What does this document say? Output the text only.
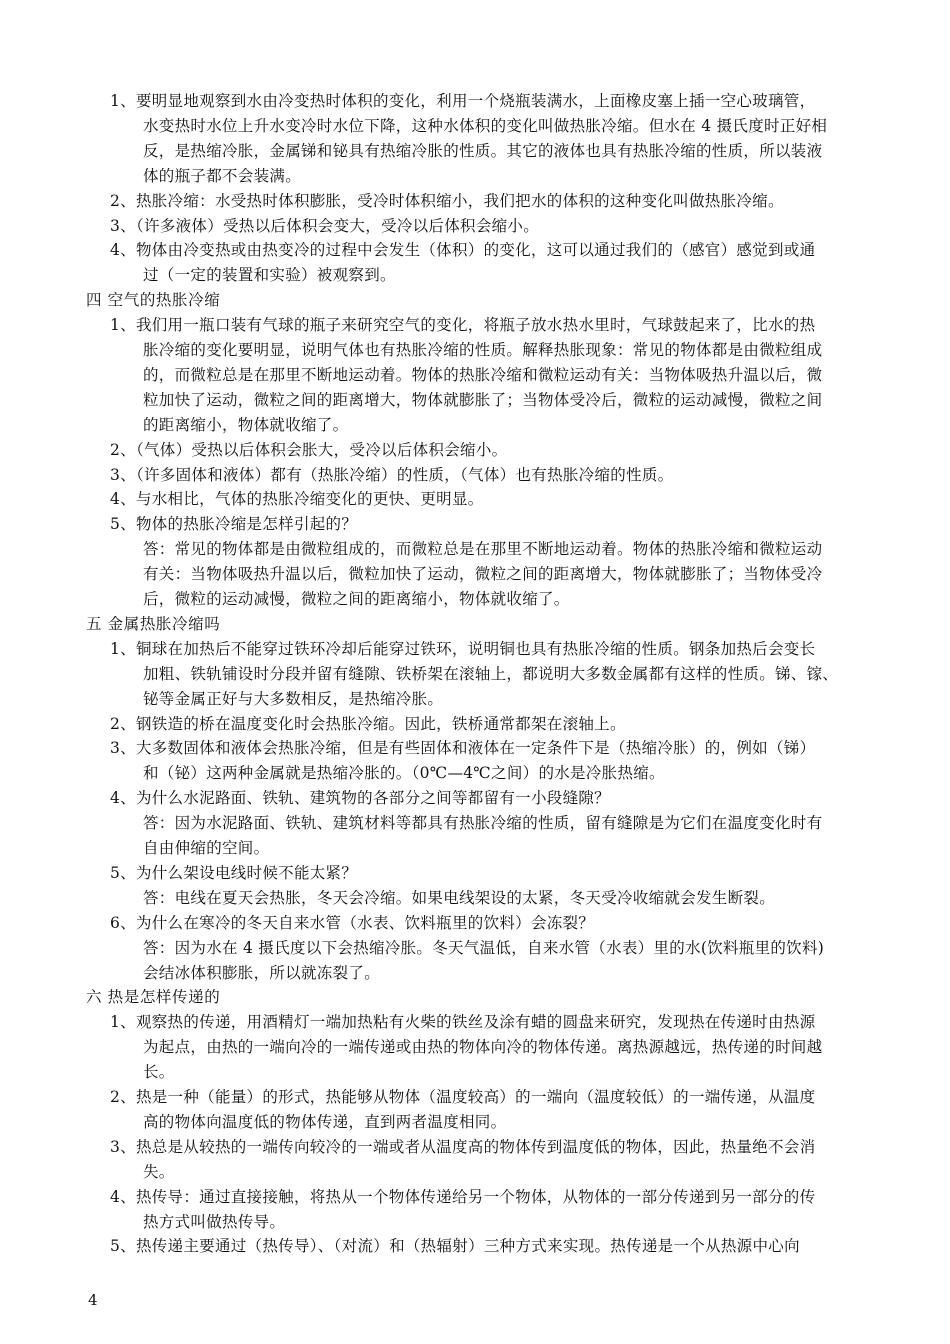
1、要明显地观察到水由冷变热时体积的变化，利用一个烧瓶装满水，上面橡皮塞上插一空心玻璃管，
水变热时水位上升水变冷时水位下降，这种水体积的变化叫做热胀冷缩。但水在 4 摄氏度时正好相
反，是热缩冷胀，金属锑和铋具有热缩冷胀的性质。其它的液体也具有热胀冷缩的性质，所以装液
体的瓶子都不会装满。
2、热胀冷缩：水受热时体积膨胀，受冷时体积缩小，我们把水的体积的这种变化叫做热胀冷缩。
3、（许多液体）受热以后体积会变大，受冷以后体积会缩小。
4、物体由冷变热或由热变冷的过程中会发生（体积）的变化，这可以通过我们的（感官）感觉到或通
过（一定的装置和实验）被观察到。
四 空气的热胀冷缩
1、我们用一瓶口装有气球的瓶子来研究空气的变化，将瓶子放水热水里时，气球鼓起来了，比水的热
胀冷缩的变化要明显，说明气体也有热胀冷缩的性质。解释热胀现象：常见的物体都是由微粒组成
的，而微粒总是在那里不断地运动着。物体的热胀冷缩和微粒运动有关：当物体吸热升温以后，微
粒加快了运动，微粒之间的距离增大，物体就膨胀了；当物体受冷后，微粒的运动减慢，微粒之间
的距离缩小，物体就收缩了。
2、（气体）受热以后体积会胀大，受冷以后体积会缩小。
3、（许多固体和液体）都有（热胀冷缩）的性质，（气体）也有热胀冷缩的性质。
4、与水相比，气体的热胀冷缩变化的更快、更明显。
5、物体的热胀冷缩是怎样引起的？
答：常见的物体都是由微粒组成的，而微粒总是在那里不断地运动着。物体的热胀冷缩和微粒运动
有关：当物体吸热升温以后，微粒加快了运动，微粒之间的距离增大，物体就膨胀了；当物体受冷
后，微粒的运动减慢，微粒之间的距离缩小，物体就收缩了。
五 金属热胀冷缩吗
1、铜球在加热后不能穿过铁环冷却后能穿过铁环，说明铜也具有热胀冷缩的性质。钢条加热后会变长
加粗、铁轨铺设时分段并留有缝隙、铁桥架在滚轴上，都说明大多数金属都有这样的性质。锑、镓、
铋等金属正好与大多数相反，是热缩冷胀。
2、钢铁造的桥在温度变化时会热胀冷缩。因此，铁桥通常都架在滚轴上。
3、大多数固体和液体会热胀冷缩，但是有些固体和液体在一定条件下是（热缩冷胀）的，例如（锑）
和（铋）这两种金属就是热缩冷胀的。（0℃—4℃之间）的水是冷胀热缩。
4、为什么水泥路面、铁轨、建筑物的各部分之间等都留有一小段缝隙？
答：因为水泥路面、铁轨、建筑材料等都具有热胀冷缩的性质，留有缝隙是为它们在温度变化时有
自由伸缩的空间。
5、为什么架设电线时候不能太紧？
答：电线在夏天会热胀，冬天会冷缩。如果电线架设的太紧，冬天受冷收缩就会发生断裂。
6、为什么在寒冷的冬天自来水管（水表、饮料瓶里的饮料）会冻裂？
答：因为水在 4 摄氏度以下会热缩冷胀。冬天气温低，自来水管（水表）里的水(饮料瓶里的饮料)
会结冰体积膨胀，所以就冻裂了。
六 热是怎样传递的
1、观察热的传递，用酒精灯一端加热粘有火柴的铁丝及涂有蜡的圆盘来研究，发现热在传递时由热源
为起点，由热的一端向冷的一端传递或由热的物体向冷的物体传递。离热源越远，热传递的时间越
长。
2、热是一种（能量）的形式，热能够从物体（温度较高）的一端向（温度较低）的一端传递，从温度
高的物体向温度低的物体传递，直到两者温度相同。
3、热总是从较热的一端传向较冷的一端或者从温度高的物体传到温度低的物体，因此，热量绝不会消
失。
4、热传导：通过直接接触，将热从一个物体传递给另一个物体，从物体的一部分传递到另一部分的传
热方式叫做热传导。
5、热传递主要通过（热传导）、（对流）和（热辐射）三种方式来实现。热传递是一个从热源中心向
4
